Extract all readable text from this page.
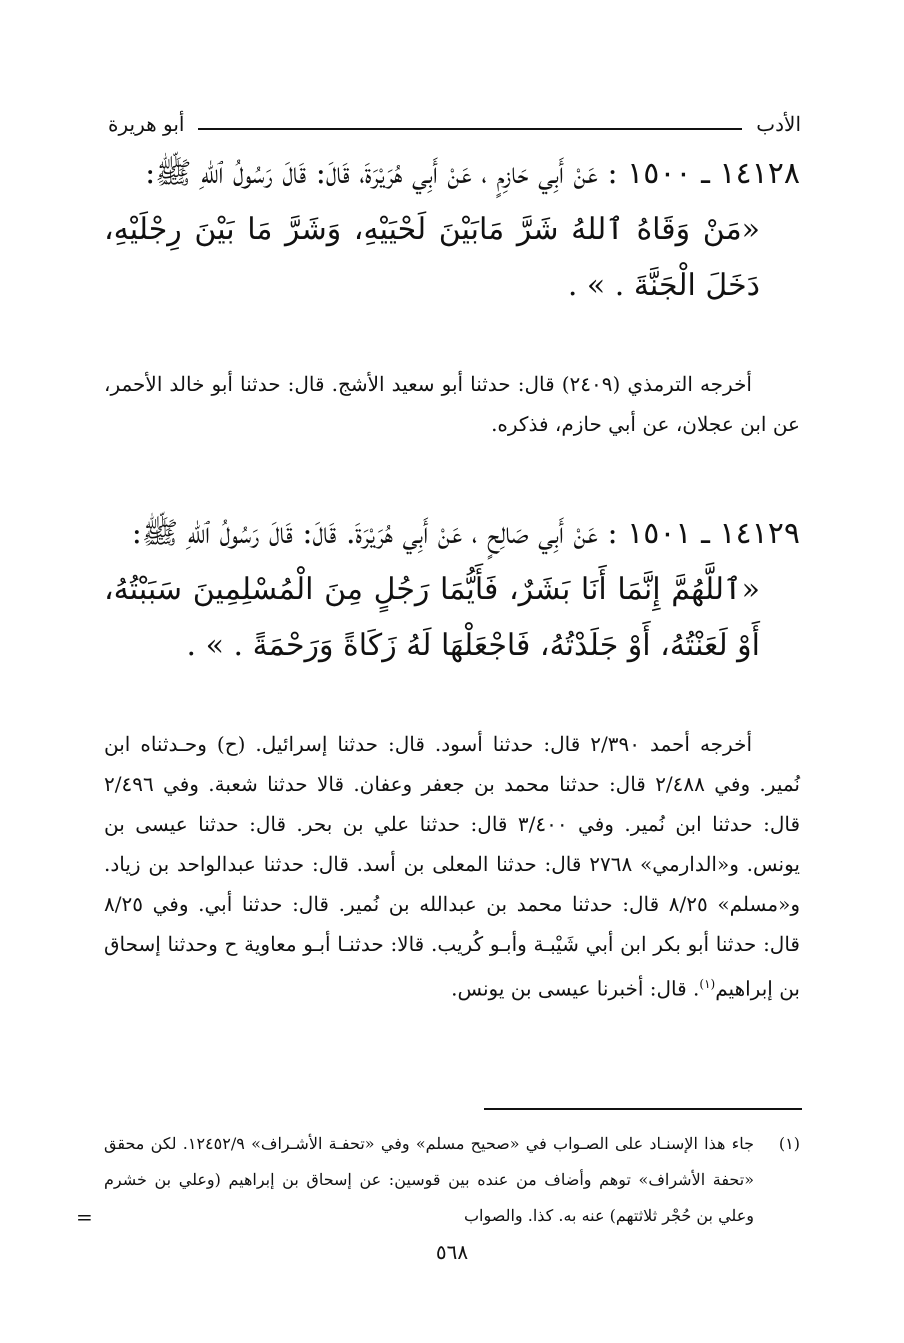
الأدب
أبو هريرة

١٤١٢٨ ـ ١٥٠٠ : عَنْ أَبِي حَازِمٍ ، عَنْ أَبِي هُرَيْرَةَ، قَالَ: قَالَ رَسُولُ ٱللهِ ﷺ:

«مَنْ وَقَاهُ ٱللهُ شَرَّ مَابَيْنَ لَحْيَيْهِ، وَشَرَّ مَا بَيْنَ رِجْلَيْهِ، دَخَلَ الْجَنَّةَ . » .

أخرجه الترمذي (٢٤٠٩) قال: حدثنا أبو سعيد الأشج. قال: حدثنا أبو خالد الأحمر، عن ابن عجلان، عن أبي حازم، فذكره.

١٤١٢٩ ـ ١٥٠١ : عَنْ أَبِي صَالِحٍ ، عَنْ أَبِي هُرَيْرَةَ. قَالَ: قَالَ رَسُولُ ٱللهِ ﷺ:

«ٱللَّهُمَّ إِنَّمَا أَنَا بَشَرٌ، فَأَيُّمَا رَجُلٍ مِنَ الْمُسْلِمِينَ سَبَبْتُهُ، أَوْ لَعَنْتُهُ، أَوْ جَلَدْتُهُ، فَاجْعَلْهَا لَهُ زَكَاةً وَرَحْمَةً . » .

أخرجه أحمد ٢/٣٩٠ قال: حدثنا أسود. قال: حدثنا إسرائيل. (ح) وحـدثناه ابن نُمير. وفي ٢/٤٨٨ قال: حدثنا محمد بن جعفر وعفان. قالا حدثنا شعبة. وفي ٢/٤٩٦ قال: حدثنا ابن نُمير. وفي ٣/٤٠٠ قال: حدثنا علي بن بحر. قال: حدثنا عيسى بن يونس. و«الدارمي» ٢٧٦٨ قال: حدثنا المعلى بن أسد. قال: حدثنا عبدالواحد بن زياد. و«مسلم» ٨/٢٥ قال: حدثنا محمد بن عبدالله بن نُمير. قال: حدثنا أبي. وفي ٨/٢٥ قال: حدثنا أبو بكر ابن أبي شَيْبـة وأبـو كُريب. قالا: حدثنـا أبـو معاوية ح وحدثنا إسحاق بن إبراهيم$^{(١)}$. قال: أخبرنا عيسى بن يونس.

(١)
جاء هذا الإسنـاد على الصـواب في «صحيح مسلم» وفي «تحفـة الأشـراف» ١٢٤٥٢/٩. لكن محقق «تحفة الأشراف» توهم وأضاف من عنده بين قوسين: عن إسحاق بن إبراهيم (وعلي بن خشرم وعلي بن حُجْر ثلاثتهم) عنه به. كذا. والصواب
=
٥٦٨
